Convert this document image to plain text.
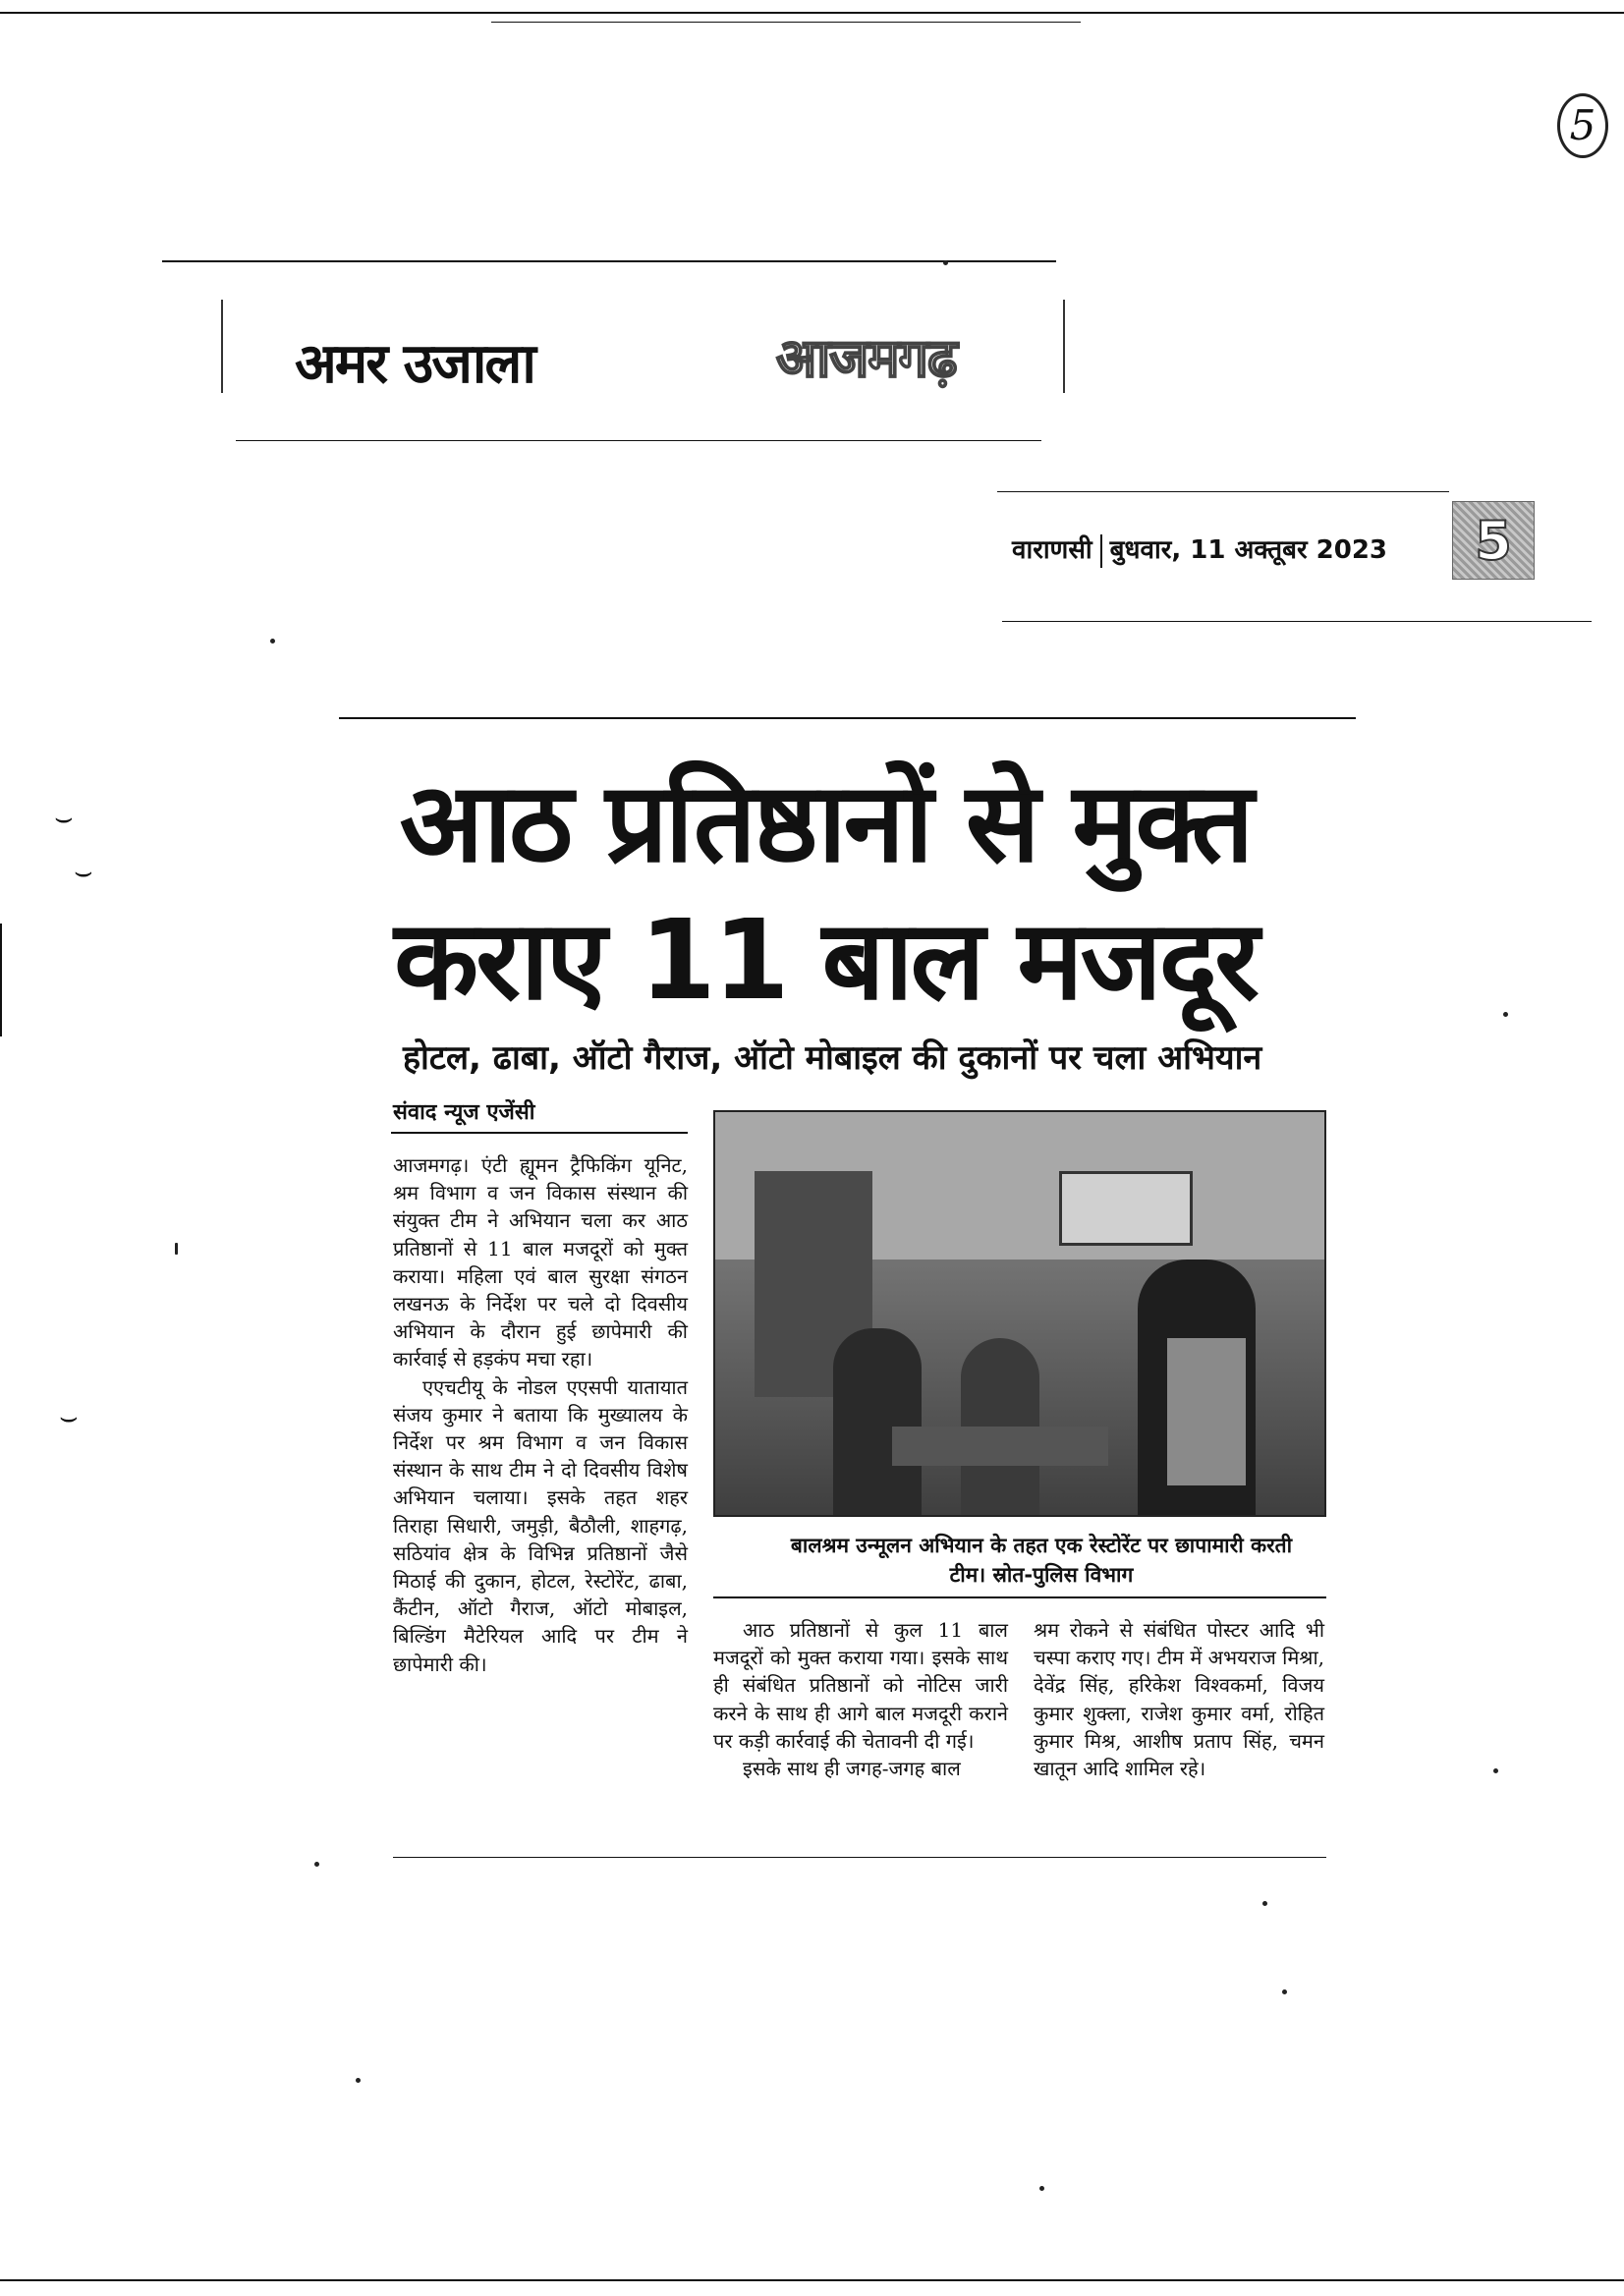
5
अमर उजाला	आजमगढ़
वाराणसी बुधवार, 11 अक्तूबर 2023 5
आठ प्रतिष्ठानों से मुक्त
कराए 11 बाल मजदूर
होटल, ढाबा, ऑटो गैराज, ऑटो मोबाइल की दुकानों पर चला अभियान
संवाद न्यूज एजेंसी

आजमगढ़। एंटी ह्यूमन ट्रैफिकिंग यूनिट, श्रम विभाग व जन विकास संस्थान की संयुक्त टीम ने अभियान चला कर आठ प्रतिष्ठानों से 11 बाल मजदूरों को मुक्त कराया। महिला एवं बाल सुरक्षा संगठन लखनऊ के निर्देश पर चले दो दिवसीय अभियान के दौरान हुई छापेमारी की कार्रवाई से हड़कंप मचा रहा।

एएचटीयू के नोडल एएसपी यातायात संजय कुमार ने बताया कि मुख्यालय के निर्देश पर श्रम विभाग व जन विकास संस्थान के साथ टीम ने दो दिवसीय विशेष अभियान चलाया। इसके तहत शहर तिराहा सिधारी, जमुड़ी, बैठौली, शाहगढ़, सठियांव क्षेत्र के विभिन्न प्रतिष्ठानों जैसे मिठाई की दुकान, होटल, रेस्टोरेंट, ढाबा, कैंटीन, ऑटो गैराज, ऑटो मोबाइल, बिल्डिंग मैटेरियल आदि पर टीम ने छापेमारी की।

बालश्रम उन्मूलन अभियान के तहत एक रेस्टोरेंट पर छापामारी करती टीम। स्रोत-पुलिस विभाग

आठ प्रतिष्ठानों से कुल 11 बाल मजदूरों को मुक्त कराया गया। इसके साथ ही संबंधित प्रतिष्ठानों को नोटिस जारी करने के साथ ही आगे बाल मजदूरी कराने पर कड़ी कार्रवाई की चेतावनी दी गई।

इसके साथ ही जगह-जगह बाल

श्रम रोकने से संबंधित पोस्टर आदि भी चस्पा कराए गए। टीम में अभयराज मिश्रा, देवेंद्र सिंह, हरिकेश विश्वकर्मा, विजय कुमार शुक्ला, राजेश कुमार वर्मा, रोहित कुमार मिश्र, आशीष प्रताप सिंह, चमन खातून आदि शामिल रहे।

⌣
⌣
⌣
